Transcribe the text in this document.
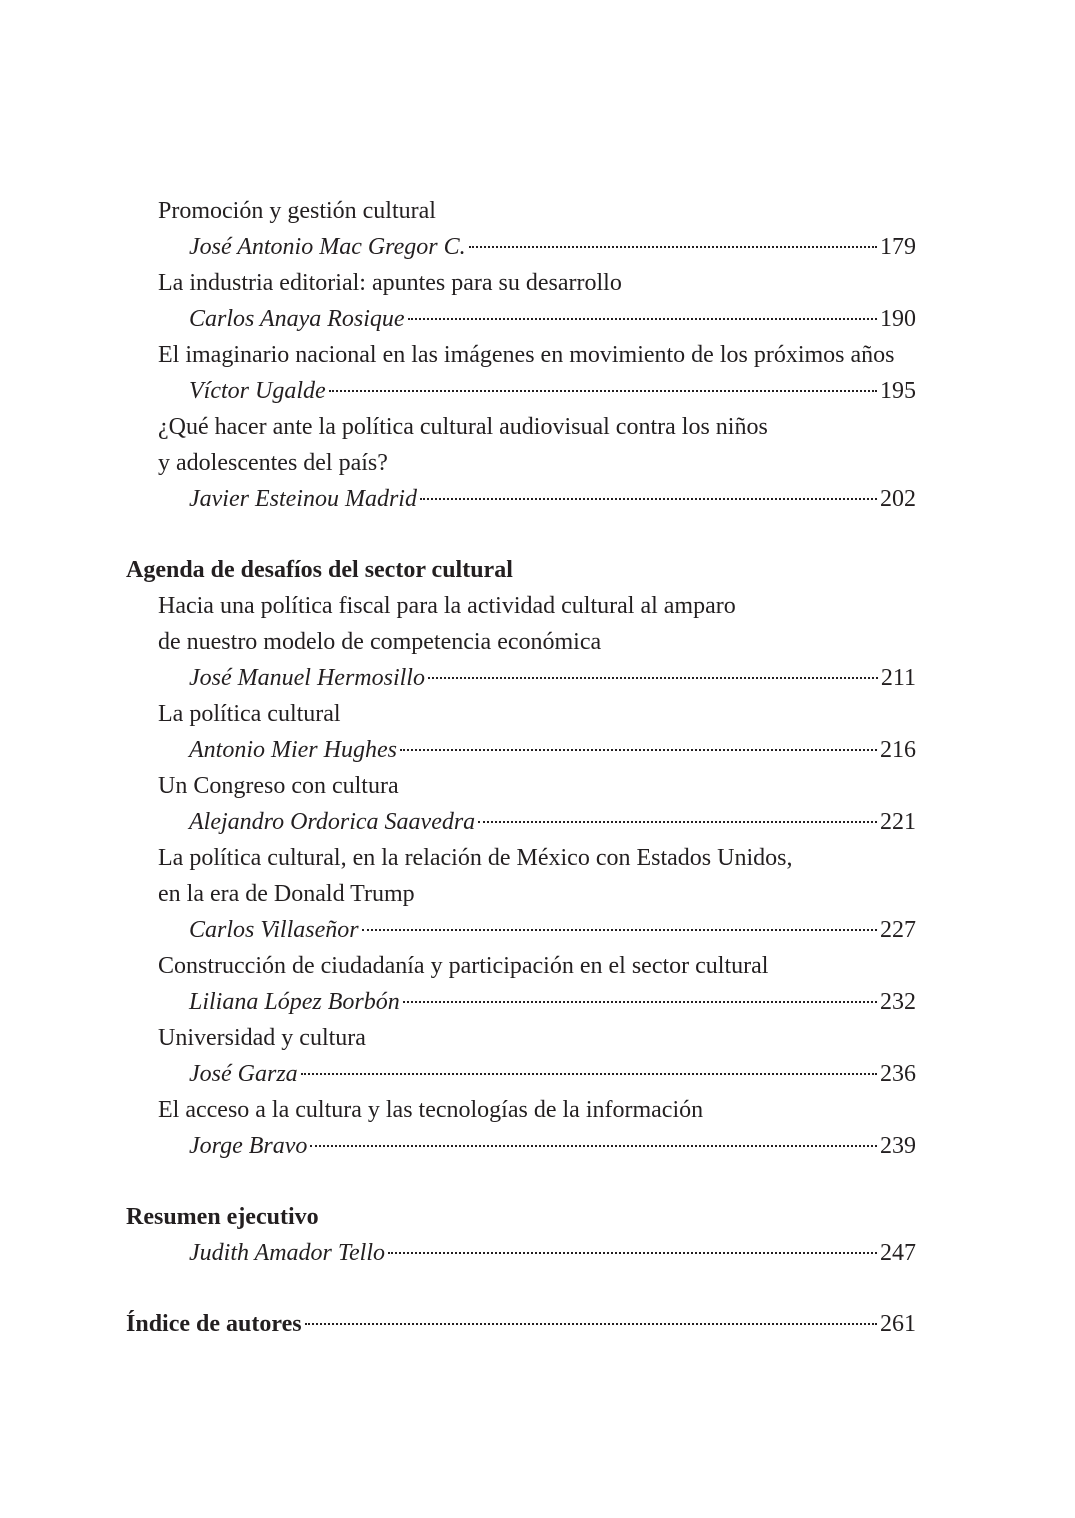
Promoción y gestión cultural
José Antonio Mac Gregor C.	179
La industria editorial: apuntes para su desarrollo
Carlos Anaya Rosique	190
El imaginario nacional en las imágenes en movimiento de los próximos años
Víctor Ugalde	195
¿Qué hacer ante la política cultural audiovisual contra los niños
y adolescentes del país?
Javier Esteinou Madrid	202
Agenda de desafíos del sector cultural
Hacia una política fiscal para la actividad cultural al amparo
de nuestro modelo de competencia económica
José Manuel Hermosillo	211
La política cultural
Antonio Mier Hughes	216
Un Congreso con cultura
Alejandro Ordorica Saavedra	221
La política cultural, en la relación de México con Estados Unidos,
en la era de Donald Trump
Carlos Villaseñor	227
Construcción de ciudadanía y participación en el sector cultural
Liliana López Borbón	232
Universidad y cultura
José Garza	236
El acceso a la cultura y las tecnologías de la información
Jorge Bravo	239
Resumen ejecutivo
Judith Amador Tello	247
Índice de autores	261
